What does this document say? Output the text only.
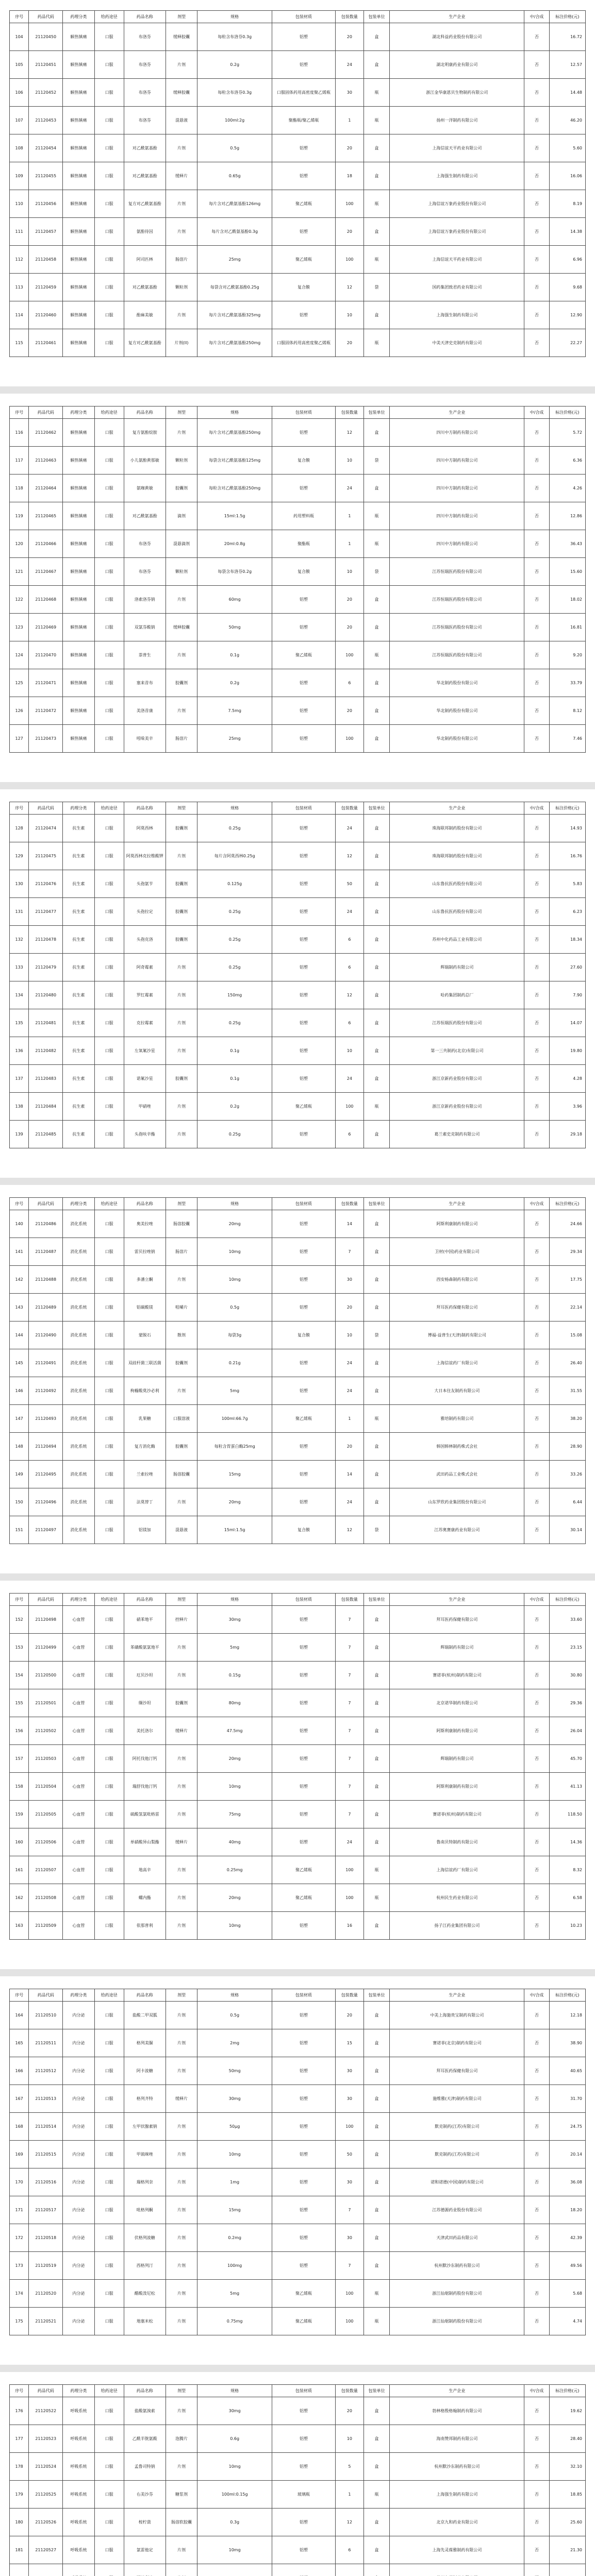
序号	药品代码	药理分类	给药途径	药品名称	剂型	规格	包装材质	包装数量	包装单位	生产企业	中/合成	标注价格(元)
104	21120450	解热镇痛	口服	布洛芬	缓释胶囊	每粒含布洛芬0.3g	铝塑	20	盒	湖北科益药业股份有限公司	否	16.72
105	21120451	解热镇痛	口服	布洛芬	片剂	0.2g	铝塑	24	盒	湖北明康药业有限公司	否	12.57
106	21120452	解热镇痛	口服	布洛芬	缓释胶囊	每粒含布洛芬0.3g	口服固体药用高密度聚乙烯瓶	30	瓶	浙江金华康恩贝生物制药有限公司	否	14.48
107	21120453	解热镇痛	口服	布洛芬	混悬液	100ml:2g	聚酯瓶/聚乙烯瓶	1	瓶	扬州一洋制药有限公司	否	46.20
108	21120454	解热镇痛	口服	对乙酰氨基酚	片剂	0.5g	铝塑	20	盒	上海信谊天平药业有限公司	否	5.60
109	21120455	解热镇痛	口服	对乙酰氨基酚	缓释片	0.65g	铝塑	18	盒	上海强生制药有限公司	否	16.06
110	21120456	解热镇痛	口服	复方对乙酰氨基酚	片剂	每片含对乙酰氨基酚126mg	聚乙烯瓶	100	瓶	上海信谊万象药业股份有限公司	否	8.19
111	21120457	解热镇痛	口服	氨酚待因	片剂	每片含对乙酰氨基酚0.3g	铝塑	20	盒	上海信谊万象药业股份有限公司	否	14.38
112	21120458	解热镇痛	口服	阿司匹林	肠溶片	25mg	聚乙烯瓶	100	瓶	上海信谊天平药业有限公司	否	6.96
113	21120459	解热镇痛	口服	对乙酰氨基酚	颗粒剂	每袋含对乙酰氨基酚0.25g	复合膜	12	袋	国药集团致君药业有限公司	否	9.68
114	21120460	解热镇痛	口服	酚麻美敏	片剂	每片含对乙酰氨基酚325mg	铝塑	10	盒	上海强生制药有限公司	否	12.90
115	21120461	解热镇痛	口服	复方对乙酰氨基酚	片剂(II)	每片含对乙酰氨基酚250mg	口服固体药用高密度聚乙烯瓶	20	瓶	中美天津史克制药有限公司	否	22.27
序号	药品代码	药理分类	给药途径	药品名称	剂型	规格	包装材质	包装数量	包装单位	生产企业	中/合成	标注价格(元)
116	21120462	解热镇痛	口服	复方氨酚烷胺	片剂	每片含对乙酰氨基酚250mg	铝塑	12	盒	四川中方制药有限公司	否	5.72
117	21120463	解热镇痛	口服	小儿氨酚黄那敏	颗粒剂	每袋含对乙酰氨基酚125mg	复合膜	10	袋	四川中方制药有限公司	否	6.36
118	21120464	解热镇痛	口服	氨咖黄敏	胶囊剂	每粒含对乙酰氨基酚250mg	铝塑	24	盒	四川中方制药有限公司	否	4.26
119	21120465	解热镇痛	口服	对乙酰氨基酚	滴剂	15ml:1.5g	药用塑料瓶	1	瓶	四川中方制药有限公司	否	12.86
120	21120466	解热镇痛	口服	布洛芬	混悬滴剂	20ml:0.8g	聚酯瓶	1	瓶	四川中方制药有限公司	否	36.43
121	21120467	解热镇痛	口服	布洛芬	颗粒剂	每袋含布洛芬0.2g	复合膜	10	袋	江苏恒瑞医药股份有限公司	否	15.60
122	21120468	解热镇痛	口服	洛索洛芬钠	片剂	60mg	铝塑	20	盒	江苏恒瑞医药股份有限公司	否	18.02
123	21120469	解热镇痛	口服	双氯芬酸钠	缓释胶囊	50mg	铝塑	20	盒	江苏恒瑞医药股份有限公司	否	16.81
124	21120470	解热镇痛	口服	萘普生	片剂	0.1g	聚乙烯瓶	100	瓶	江苏恒瑞医药股份有限公司	否	9.20
125	21120471	解热镇痛	口服	塞来昔布	胶囊剂	0.2g	铝塑	6	盒	华北制药股份有限公司	否	33.79
126	21120472	解热镇痛	口服	美洛昔康	片剂	7.5mg	铝塑	20	盒	华北制药股份有限公司	否	8.12
127	21120473	解热镇痛	口服	吲哚美辛	肠溶片	25mg	铝塑	100	盒	华北制药股份有限公司	否	7.46
序号	药品代码	药理分类	给药途径	药品名称	剂型	规格	包装材质	包装数量	包装单位	生产企业	中/合成	标注价格(元)
128	21120474	抗生素	口服	阿莫西林	胶囊剂	0.25g	铝塑	24	盒	珠海联邦制药股份有限公司	否	14.93
129	21120475	抗生素	口服	阿莫西林克拉维酸钾	片剂	每片含阿莫西林0.25g	铝塑	12	盒	珠海联邦制药股份有限公司	否	16.76
130	21120476	抗生素	口服	头孢氨苄	胶囊剂	0.125g	铝塑	50	盒	山东鲁抗医药股份有限公司	否	5.83
131	21120477	抗生素	口服	头孢拉定	胶囊剂	0.25g	铝塑	24	盒	山东鲁抗医药股份有限公司	否	6.23
132	21120478	抗生素	口服	头孢克洛	胶囊剂	0.25g	铝塑	6	盒	苏州中化药品工业有限公司	否	18.34
133	21120479	抗生素	口服	阿奇霉素	片剂	0.25g	铝塑	6	盒	辉瑞制药有限公司	否	27.60
134	21120480	抗生素	口服	罗红霉素	片剂	150mg	铝塑	12	盒	哈药集团制药总厂	否	7.90
135	21120481	抗生素	口服	克拉霉素	片剂	0.25g	铝塑	6	盒	江苏恒瑞医药股份有限公司	否	14.07
136	21120482	抗生素	口服	左氧氟沙星	片剂	0.1g	铝塑	10	盒	第一三共制药(北京)有限公司	否	19.80
137	21120483	抗生素	口服	诺氟沙星	胶囊剂	0.1g	铝塑	24	盒	浙江京新药业股份有限公司	否	4.28
138	21120484	抗生素	口服	甲硝唑	片剂	0.2g	聚乙烯瓶	100	瓶	浙江京新药业股份有限公司	否	3.96
139	21120485	抗生素	口服	头孢呋辛酯	片剂	0.25g	铝塑	6	盒	葛兰素史克制药有限公司	否	29.18
序号	药品代码	药理分类	给药途径	药品名称	剂型	规格	包装材质	包装数量	包装单位	生产企业	中/合成	标注价格(元)
140	21120486	消化系统	口服	奥美拉唑	肠溶胶囊	20mg	铝塑	14	盒	阿斯利康制药有限公司	否	24.66
141	21120487	消化系统	口服	雷贝拉唑钠	肠溶片	10mg	铝塑	7	盒	卫材(中国)药业有限公司	否	29.34
142	21120488	消化系统	口服	多潘立酮	片剂	10mg	铝塑	30	盒	西安杨森制药有限公司	否	17.75
143	21120489	消化系统	口服	铝碳酸镁	咀嚼片	0.5g	铝塑	20	盒	拜耳医药保健有限公司	否	22.14
144	21120490	消化系统	口服	蒙脱石	散剂	每袋3g	复合膜	10	袋	博福-益普生(天津)制药有限公司	否	15.08
145	21120491	消化系统	口服	双歧杆菌三联活菌	胶囊剂	0.21g	铝塑	24	盒	上海信谊药厂有限公司	否	26.40
146	21120492	消化系统	口服	枸橼酸莫沙必利	片剂	5mg	铝塑	24	盒	大日本住友制药有限公司	否	31.55
147	21120493	消化系统	口服	乳果糖	口服溶液	100ml:66.7g	聚乙烯瓶	1	瓶	雅培制药有限公司	否	38.20
148	21120494	消化系统	口服	复方消化酶	胶囊剂	每粒含胃蛋白酶25mg	铝塑	20	盒	韩国韩林制药株式会社	否	28.90
149	21120495	消化系统	口服	兰索拉唑	肠溶胶囊	15mg	铝塑	14	盒	武田药品工业株式会社	否	33.26
150	21120496	消化系统	口服	法莫替丁	片剂	20mg	铝塑	24	盒	山东罗欣药业集团股份有限公司	否	6.44
151	21120497	消化系统	口服	铝镁加	混悬液	15ml:1.5g	复合膜	12	袋	江苏奥赛康药业有限公司	否	30.14
序号	药品代码	药理分类	给药途径	药品名称	剂型	规格	包装材质	包装数量	包装单位	生产企业	中/合成	标注价格(元)
152	21120498	心血管	口服	硝苯地平	控释片	30mg	铝塑	7	盒	拜耳医药保健有限公司	否	33.60
153	21120499	心血管	口服	苯磺酸氨氯地平	片剂	5mg	铝塑	7	盒	辉瑞制药有限公司	否	23.15
154	21120500	心血管	口服	厄贝沙坦	片剂	0.15g	铝塑	7	盒	赛诺菲(杭州)制药有限公司	否	30.80
155	21120501	心血管	口服	缬沙坦	胶囊剂	80mg	铝塑	7	盒	北京诺华制药有限公司	否	29.36
156	21120502	心血管	口服	美托洛尔	缓释片	47.5mg	铝塑	7	盒	阿斯利康制药有限公司	否	26.04
157	21120503	心血管	口服	阿托伐他汀钙	片剂	20mg	铝塑	7	盒	辉瑞制药有限公司	否	45.70
158	21120504	心血管	口服	瑞舒伐他汀钙	片剂	10mg	铝塑	7	盒	阿斯利康制药有限公司	否	41.13
159	21120505	心血管	口服	硫酸氢氯吡格雷	片剂	75mg	铝塑	7	盒	赛诺菲(杭州)制药有限公司	否	118.50
160	21120506	心血管	口服	单硝酸异山梨酯	缓释片	40mg	铝塑	24	盒	鲁南贝特制药有限公司	否	14.36
161	21120507	心血管	口服	地高辛	片剂	0.25mg	聚乙烯瓶	100	瓶	上海信谊药厂有限公司	否	8.32
162	21120508	心血管	口服	螺内酯	片剂	20mg	聚乙烯瓶	100	瓶	杭州民生药业有限公司	否	6.58
163	21120509	心血管	口服	依那普利	片剂	10mg	铝塑	16	盒	扬子江药业集团有限公司	否	10.23
序号	药品代码	药理分类	给药途径	药品名称	剂型	规格	包装材质	包装数量	包装单位	生产企业	中/合成	标注价格(元)
164	21120510	内分泌	口服	盐酸二甲双胍	片剂	0.5g	铝塑	20	盒	中美上海施贵宝制药有限公司	否	12.18
165	21120511	内分泌	口服	格列美脲	片剂	2mg	铝塑	15	盒	赛诺菲(北京)制药有限公司	否	38.90
166	21120512	内分泌	口服	阿卡波糖	片剂	50mg	铝塑	30	盒	拜耳医药保健有限公司	否	40.65
167	21120513	内分泌	口服	格列齐特	缓释片	30mg	铝塑	30	盒	施维雅(天津)制药有限公司	否	31.70
168	21120514	内分泌	口服	左甲状腺素钠	片剂	50μg	铝塑	100	盒	默克制药(江苏)有限公司	否	24.75
169	21120515	内分泌	口服	甲巯咪唑	片剂	10mg	铝塑	50	盒	默克制药(江苏)有限公司	否	20.14
170	21120516	内分泌	口服	瑞格列奈	片剂	1mg	铝塑	30	盒	诺和诺德(中国)制药有限公司	否	36.08
171	21120517	内分泌	口服	吡格列酮	片剂	15mg	铝塑	7	盒	江苏德源药业股份有限公司	否	18.20
172	21120518	内分泌	口服	伏格列波糖	片剂	0.2mg	铝塑	30	盒	天津武田药品有限公司	否	42.39
173	21120519	内分泌	口服	西格列汀	片剂	100mg	铝塑	7	盒	杭州默沙东制药有限公司	否	49.56
174	21120520	内分泌	口服	醋酸泼尼松	片剂	5mg	聚乙烯瓶	100	瓶	浙江仙琚制药股份有限公司	否	5.68
175	21120521	内分泌	口服	地塞米松	片剂	0.75mg	聚乙烯瓶	100	瓶	浙江仙琚制药股份有限公司	否	4.74
序号	药品代码	药理分类	给药途径	药品名称	剂型	规格	包装材质	包装数量	包装单位	生产企业	中/合成	标注价格(元)
176	21120522	呼吸系统	口服	盐酸氨溴索	片剂	30mg	铝塑	20	盒	勃林格殷格翰制药有限公司	否	19.62
177	21120523	呼吸系统	口服	乙酰半胱氨酸	泡腾片	0.6g	铝塑	10	盒	海南赞邦制药有限公司	否	28.40
178	21120524	呼吸系统	口服	孟鲁司特钠	片剂	10mg	铝塑	5	盒	杭州默沙东制药有限公司	否	32.10
179	21120525	呼吸系统	口服	右美沙芬	糖浆剂	100ml:0.15g	玻璃瓶	1	瓶	上海强生制药有限公司	否	18.85
180	21120526	呼吸系统	口服	桉柠蒎	肠溶软胶囊	0.3g	铝塑	12	盒	北京九和药业有限公司	否	25.60
181	21120527	呼吸系统	口服	氯雷他定	片剂	10mg	铝塑	6	盒	上海先灵葆雅制药有限公司	否	21.30
